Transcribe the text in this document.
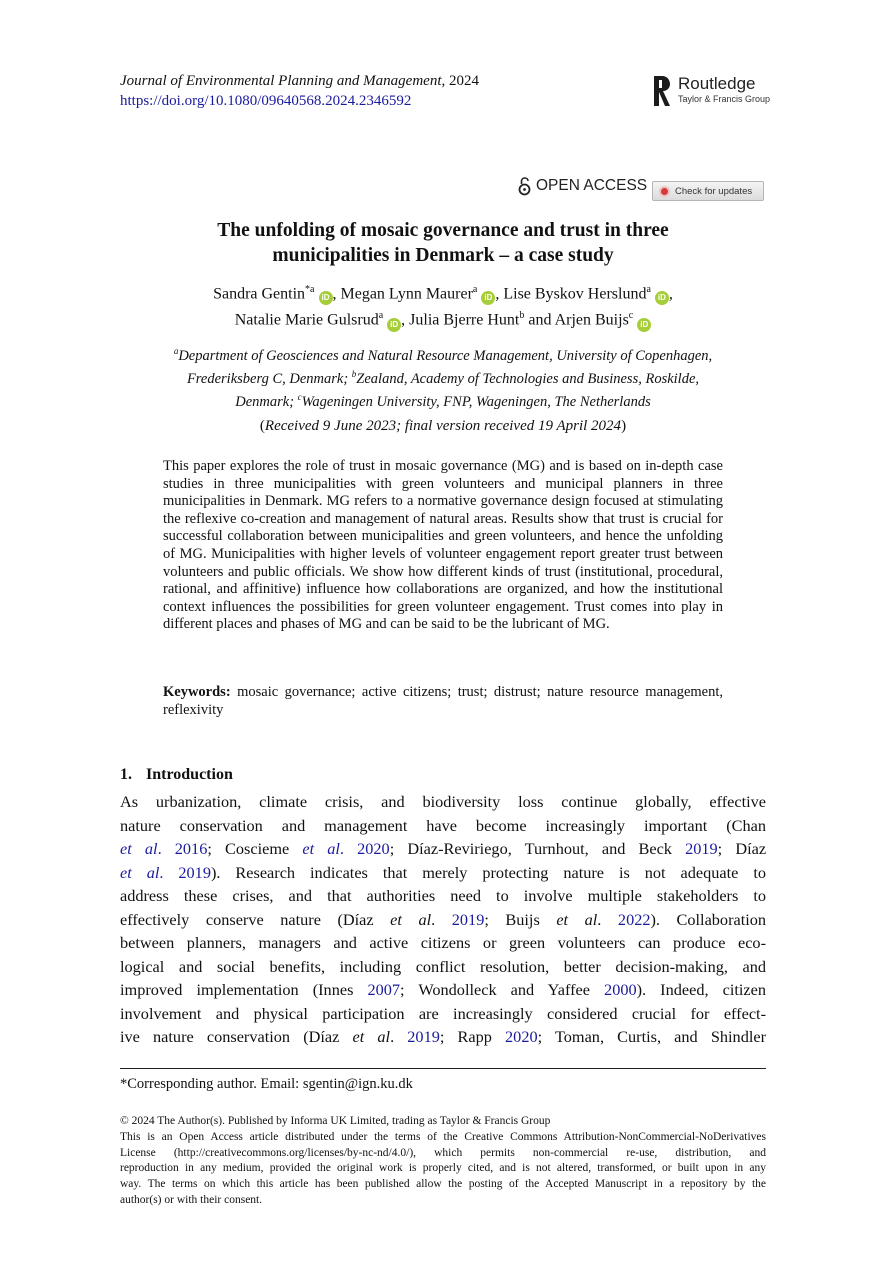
Journal of Environmental Planning and Management, 2024
https://doi.org/10.1080/09640568.2024.2346592
Routledge
Taylor & Francis Group
OPEN ACCESS	Check for updates
The unfolding of mosaic governance and trust in three
municipalities in Denmark – a case study
Sandra Gentin$^{*a}$iD , Megan Lynn Maurer$^a$iD , Lise Byskov Herslund$^a$iD ,
Natalie Marie Gulsrud$^a$iD , Julia Bjerre Hunt$^b$ and Arjen Buijs$^c$iD
$^a$Department of Geosciences and Natural Resource Management, University of Copenhagen,
Frederiksberg C, Denmark; $^b$Zealand, Academy of Technologies and Business, Roskilde,
Denmark; $^c$Wageningen University, FNP, Wageningen, The Netherlands
(Received 9 June 2023; final version received 19 April 2024)
This paper explores the role of trust in mosaic governance (MG) and is based on in-depth case studies in three municipalities with green volunteers and municipal planners in three municipalities in Denmark. MG refers to a normative governance design focused at stimulating the reflexive co-creation and management of natural areas. Results show that trust is crucial for successful collaboration between municipalities and green volunteers, and hence the unfolding of MG. Municipalities with higher levels of volunteer engagement report greater trust between volunteers and public officials. We show how different kinds of trust (institutional, procedural, rational, and affinitive) influence how collaborations are organized, and how the institutional context influences the possibilities for green volunteer engagement. Trust comes into play in different places and phases of MG and can be said to be the lubricant of MG.
Keywords: mosaic governance; active citizens; trust; distrust; nature resource management, reflexivity
1. Introduction
As urbanization, climate crisis, and biodiversity loss continue globally, effective
nature conservation and management have become increasingly important (Chan
et al. 2016; Coscieme et al. 2020; Díaz-Reviriego, Turnhout, and Beck 2019; Díaz
et al. 2019). Research indicates that merely protecting nature is not adequate to
address these crises, and that authorities need to involve multiple stakeholders to
effectively conserve nature (Díaz et al. 2019; Buijs et al. 2022). Collaboration
between planners, managers and active citizens or green volunteers can produce eco-
logical and social benefits, including conflict resolution, better decision-making, and
improved implementation (Innes 2007; Wondolleck and Yaffee 2000). Indeed, citizen
involvement and physical participation are increasingly considered crucial for effect-
ive nature conservation (Díaz et al. 2019; Rapp 2020; Toman, Curtis, and Shindler
*Corresponding author. Email: sgentin@ign.ku.dk
© 2024 The Author(s). Published by Informa UK Limited, trading as Taylor & Francis Group
This is an Open Access article distributed under the terms of the Creative Commons Attribution-NonCommercial-NoDerivatives
License (http://creativecommons.org/licenses/by-nc-nd/4.0/), which permits non-commercial re-use, distribution, and
reproduction in any medium, provided the original work is properly cited, and is not altered, transformed, or built upon in any
way. The terms on which this article has been published allow the posting of the Accepted Manuscript in a repository by the
author(s) or with their consent.
